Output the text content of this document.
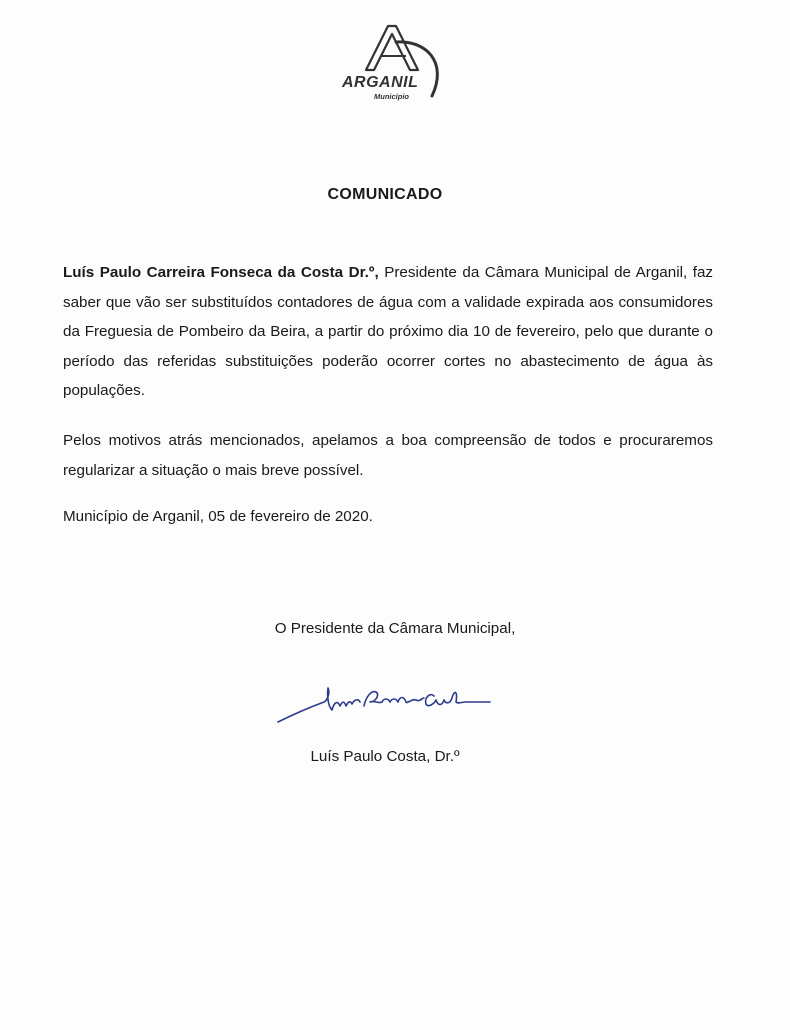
ARGANIL
Município
COMUNICADO
Luís Paulo Carreira Fonseca da Costa Dr.º, Presidente da Câmara Municipal de Arganil, faz saber que vão ser substituídos contadores de água com a validade expirada aos consumidores da Freguesia de Pombeiro da Beira, a partir do próximo dia 10 de fevereiro, pelo que durante o período das referidas substituições poderão ocorrer cortes no abastecimento de água às populações.
Pelos motivos atrás mencionados, apelamos a boa compreensão de todos e procuraremos regularizar a situação o mais breve possível.
Município de Arganil, 05 de fevereiro de 2020.
O Presidente da Câmara Municipal,
Luís Paulo Costa, Dr.º
